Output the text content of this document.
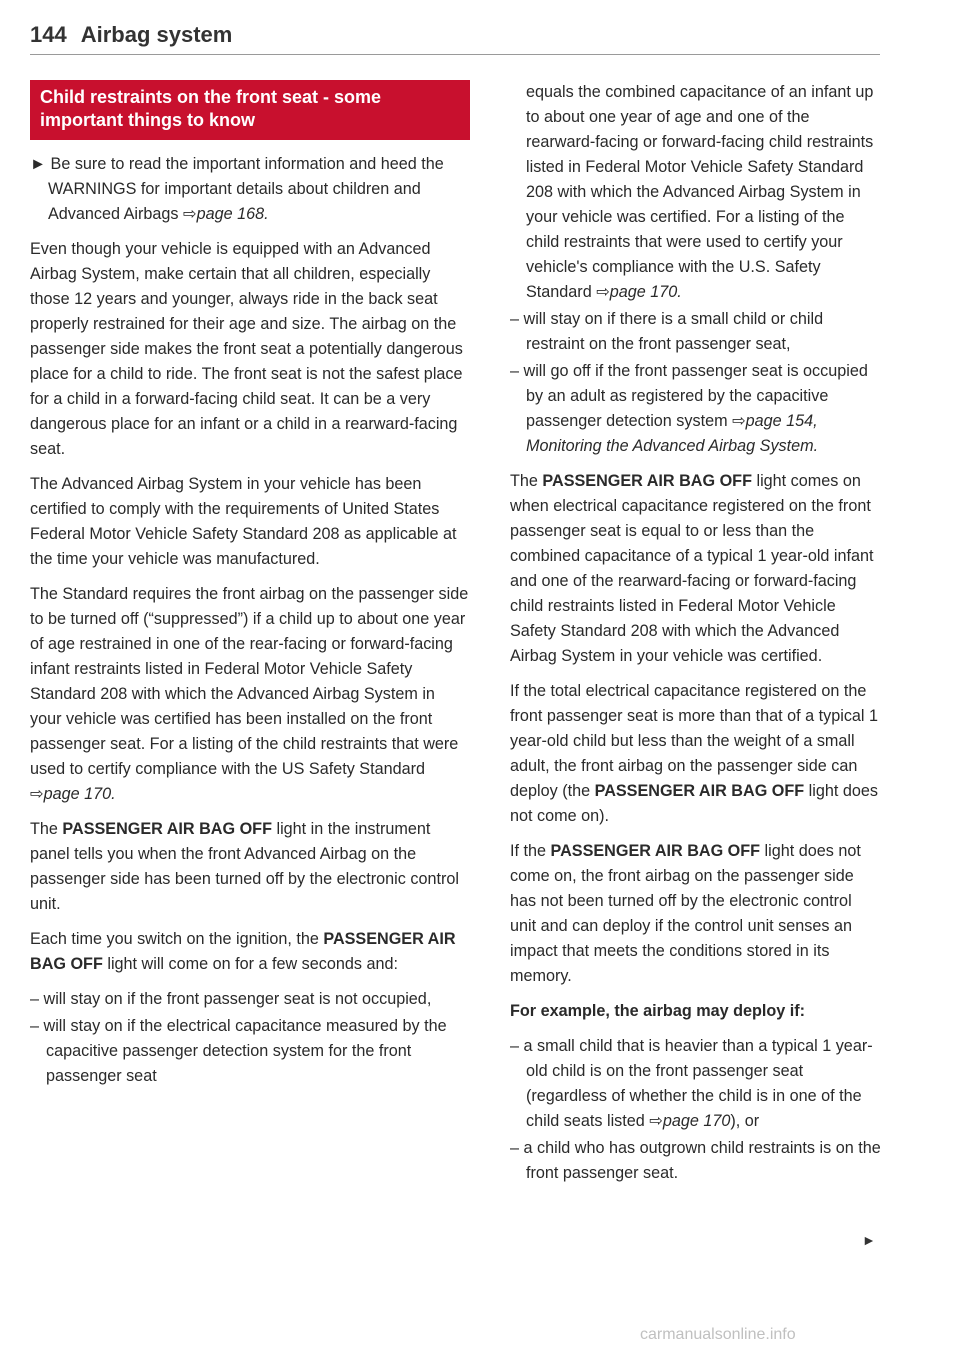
144 Airbag system
Child restraints on the front seat - some important things to know
► Be sure to read the important information and heed the WARNINGS for important details about children and Advanced Airbags ⇨page 168.

Even though your vehicle is equipped with an Advanced Airbag System, make certain that all children, especially those 12 years and younger, always ride in the back seat properly restrained for their age and size. The airbag on the passenger side makes the front seat a potentially dangerous place for a child to ride. The front seat is not the safest place for a child in a forward-facing child seat. It can be a very dangerous place for an infant or a child in a rearward-facing seat.

The Advanced Airbag System in your vehicle has been certified to comply with the requirements of United States Federal Motor Vehicle Safety Standard 208 as applicable at the time your vehicle was manufactured.

The Standard requires the front airbag on the passenger side to be turned off (“suppressed”) if a child up to about one year of age restrained in one of the rear-facing or forward-facing infant restraints listed in Federal Motor Vehicle Safety Standard 208 with which the Advanced Airbag System in your vehicle was certified has been installed on the front passenger seat. For a listing of the child restraints that were used to certify compliance with the US Safety Standard ⇨page 170.

The PASSENGER AIR BAG OFF light in the instrument panel tells you when the front Advanced Airbag on the passenger side has been turned off by the electronic control unit.

Each time you switch on the ignition, the PASSENGER AIR BAG OFF light will come on for a few seconds and:

– will stay on if the front passenger seat is not occupied,

– will stay on if the electrical capacitance measured by the capacitive passenger detection system for the front passenger seat

equals the combined capacitance of an infant up to about one year of age and one of the rearward-facing or forward-facing child restraints listed in Federal Motor Vehicle Safety Standard 208 with which the Advanced Airbag System in your vehicle was certified. For a listing of the child restraints that were used to certify your vehicle's compliance with the U.S. Safety Standard ⇨page 170.

– will stay on if there is a small child or child restraint on the front passenger seat,

– will go off if the front passenger seat is occupied by an adult as registered by the capacitive passenger detection system ⇨page 154, Monitoring the Advanced Airbag System.

The PASSENGER AIR BAG OFF light comes on when electrical capacitance registered on the front passenger seat is equal to or less than the combined capacitance of a typical 1 year-old infant and one of the rearward-facing or forward-facing child restraints listed in Federal Motor Vehicle Safety Standard 208 with which the Advanced Airbag System in your vehicle was certified.

If the total electrical capacitance registered on the front passenger seat is more than that of a typical 1 year-old child but less than the weight of a small adult, the front airbag on the passenger side can deploy (the PASSENGER AIR BAG OFF light does not come on).

If the PASSENGER AIR BAG OFF light does not come on, the front airbag on the passenger side has not been turned off by the electronic control unit and can deploy if the control unit senses an impact that meets the conditions stored in its memory.

For example, the airbag may deploy if:

– a small child that is heavier than a typical 1 year-old child is on the front passenger seat (regardless of whether the child is in one of the child seats listed ⇨page 170), or

– a child who has outgrown child restraints is on the front passenger seat.

►
carmanualsonline.info
